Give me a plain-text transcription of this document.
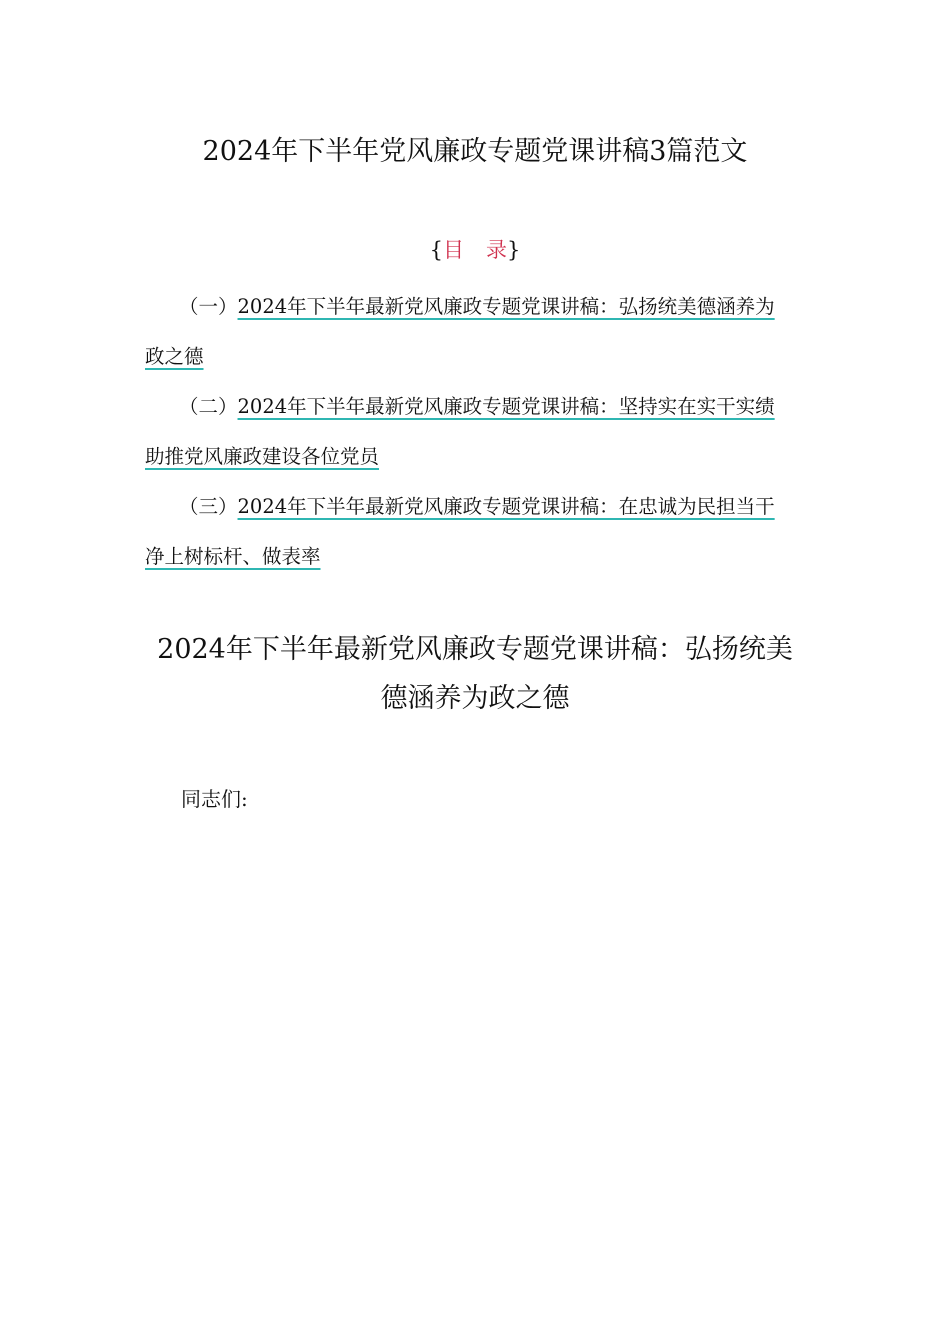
2024年下半年党风廉政专题党课讲稿3篇范文
{目录}

（一）2024年下半年最新党风廉政专题党课讲稿：弘扬统美德涵养为政之德

（二）2024年下半年最新党风廉政专题党课讲稿：坚持实在实干实绩助推党风廉政建设各位党员

（三）2024年下半年最新党风廉政专题党课讲稿：在忠诚为民担当干净上树标杆、做表率

2024年下半年最新党风廉政专题党课讲稿：弘扬统美德涵养为政之德
同志们:
